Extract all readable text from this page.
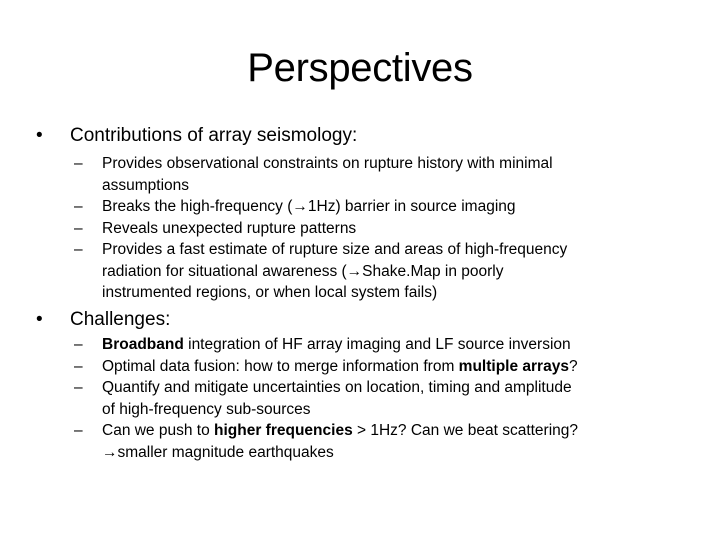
Perspectives
•	Contributions of array seismology:
– Provides observational constraints on rupture history with minimal
assumptions
– Breaks the high-frequency (→1Hz) barrier in source imaging
– Reveals unexpected rupture patterns
– Provides a fast estimate of rupture size and areas of high-frequency
radiation for situational awareness (→Shake.Map in poorly
instrumented regions, or when local system fails)
•	Challenges:
– Broadband integration of HF array imaging and LF source inversion
– Optimal data fusion: how to merge information from multiple arrays?
– Quantify and mitigate uncertainties on location, timing and amplitude
of high-frequency sub-sources
– Can we push to higher frequencies > 1Hz? Can we beat scattering?
→smaller magnitude earthquakes
